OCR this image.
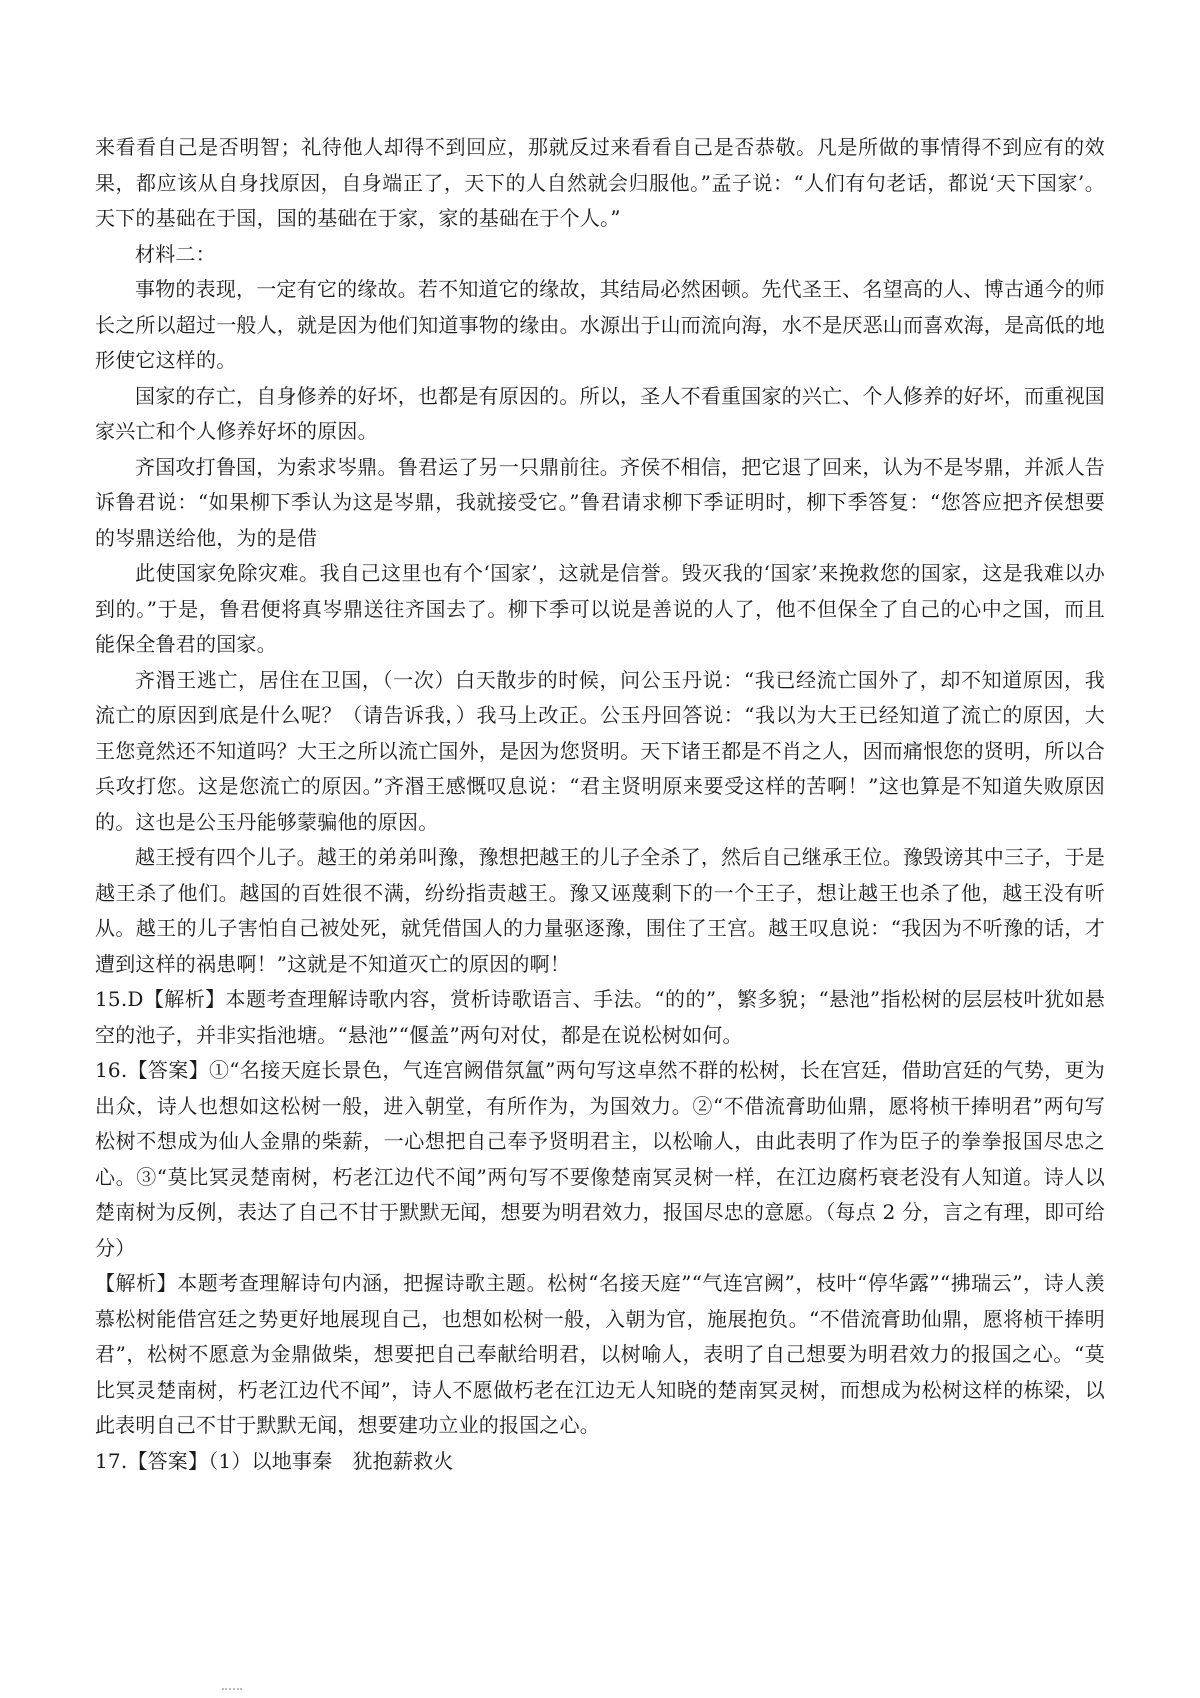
来看看自己是否明智；礼待他人却得不到回应，那就反过来看看自己是否恭敬。凡是所做的事情得不到应有的效果，都应该从自身找原因，自身端正了，天下的人自然就会归服他。”孟子说：“人们有句老话，都说‘天下国家’。天下的基础在于国，国的基础在于家，家的基础在于个人。”

材料二：

事物的表现，一定有它的缘故。若不知道它的缘故，其结局必然困顿。先代圣王、名望高的人、博古通今的师长之所以超过一般人，就是因为他们知道事物的缘由。水源出于山而流向海，水不是厌恶山而喜欢海，是高低的地形使它这样的。

国家的存亡，自身修养的好坏，也都是有原因的。所以，圣人不看重国家的兴亡、个人修养的好坏，而重视国家兴亡和个人修养好坏的原因。

齐国攻打鲁国，为索求岑鼎。鲁君运了另一只鼎前往。齐侯不相信，把它退了回来，认为不是岑鼎，并派人告诉鲁君说：“如果柳下季认为这是岑鼎，我就接受它。”鲁君请求柳下季证明时，柳下季答复：“您答应把齐侯想要的岑鼎送给他，为的是借

此使国家免除灾难。我自己这里也有个‘国家’，这就是信誉。毁灭我的‘国家’来挽救您的国家，这是我难以办到的。”于是，鲁君便将真岑鼎送往齐国去了。柳下季可以说是善说的人了，他不但保全了自己的心中之国，而且能保全鲁君的国家。

齐湣王逃亡，居住在卫国，（一次）白天散步的时候，问公玉丹说：“我已经流亡国外了，却不知道原因，我流亡的原因到底是什么呢？（请告诉我，）我马上改正。公玉丹回答说：“我以为大王已经知道了流亡的原因，大王您竟然还不知道吗？大王之所以流亡国外，是因为您贤明。天下诸王都是不肖之人，因而痛恨您的贤明，所以合兵攻打您。这是您流亡的原因。”齐湣王感慨叹息说：“君主贤明原来要受这样的苦啊！”这也算是不知道失败原因的。这也是公玉丹能够蒙骗他的原因。

越王授有四个儿子。越王的弟弟叫豫，豫想把越王的儿子全杀了，然后自己继承王位。豫毁谤其中三子，于是越王杀了他们。越国的百姓很不满，纷纷指责越王。豫又诬蔑剩下的一个王子，想让越王也杀了他，越王没有听从。越王的儿子害怕自己被处死，就凭借国人的力量驱逐豫，围住了王宫。越王叹息说：“我因为不听豫的话，才遭到这样的祸患啊！”这就是不知道灭亡的原因的啊！

15.D【解析】本题考查理解诗歌内容，赏析诗歌语言、手法。“的的”，繁多貌；“悬池”指松树的层层枝叶犹如悬空的池子，并非实指池塘。“悬池”“偃盖”两句对仗，都是在说松树如何。

16.【答案】①“名接天庭长景色，气连宫阙借氛氲”两句写这卓然不群的松树，长在宫廷，借助宫廷的气势，更为出众，诗人也想如这松树一般，进入朝堂，有所作为，为国效力。②“不借流膏助仙鼎，愿将桢干捧明君”两句写松树不想成为仙人金鼎的柴薪，一心想把自己奉予贤明君主，以松喻人，由此表明了作为臣子的拳拳报国尽忠之心。③“莫比冥灵楚南树，朽老江边代不闻”两句写不要像楚南冥灵树一样，在江边腐朽衰老没有人知道。诗人以楚南树为反例，表达了自己不甘于默默无闻，想要为明君效力，报国尽忠的意愿。（每点 2 分，言之有理，即可给分）

【解析】本题考查理解诗句内涵，把握诗歌主题。松树“名接天庭”“气连宫阙”，枝叶“停华露”“拂瑞云”，诗人羡慕松树能借宫廷之势更好地展现自己，也想如松树一般，入朝为官，施展抱负。“不借流膏助仙鼎，愿将桢干捧明君”，松树不愿意为金鼎做柴，想要把自己奉献给明君，以树喻人，表明了自己想要为明君效力的报国之心。“莫比冥灵楚南树，朽老江边代不闻”，诗人不愿做朽老在江边无人知晓的楚南冥灵树，而想成为松树这样的栋梁，以此表明自己不甘于默默无闻，想要建功立业的报国之心。

17.【答案】（1）以地事秦　犹抱薪救火
